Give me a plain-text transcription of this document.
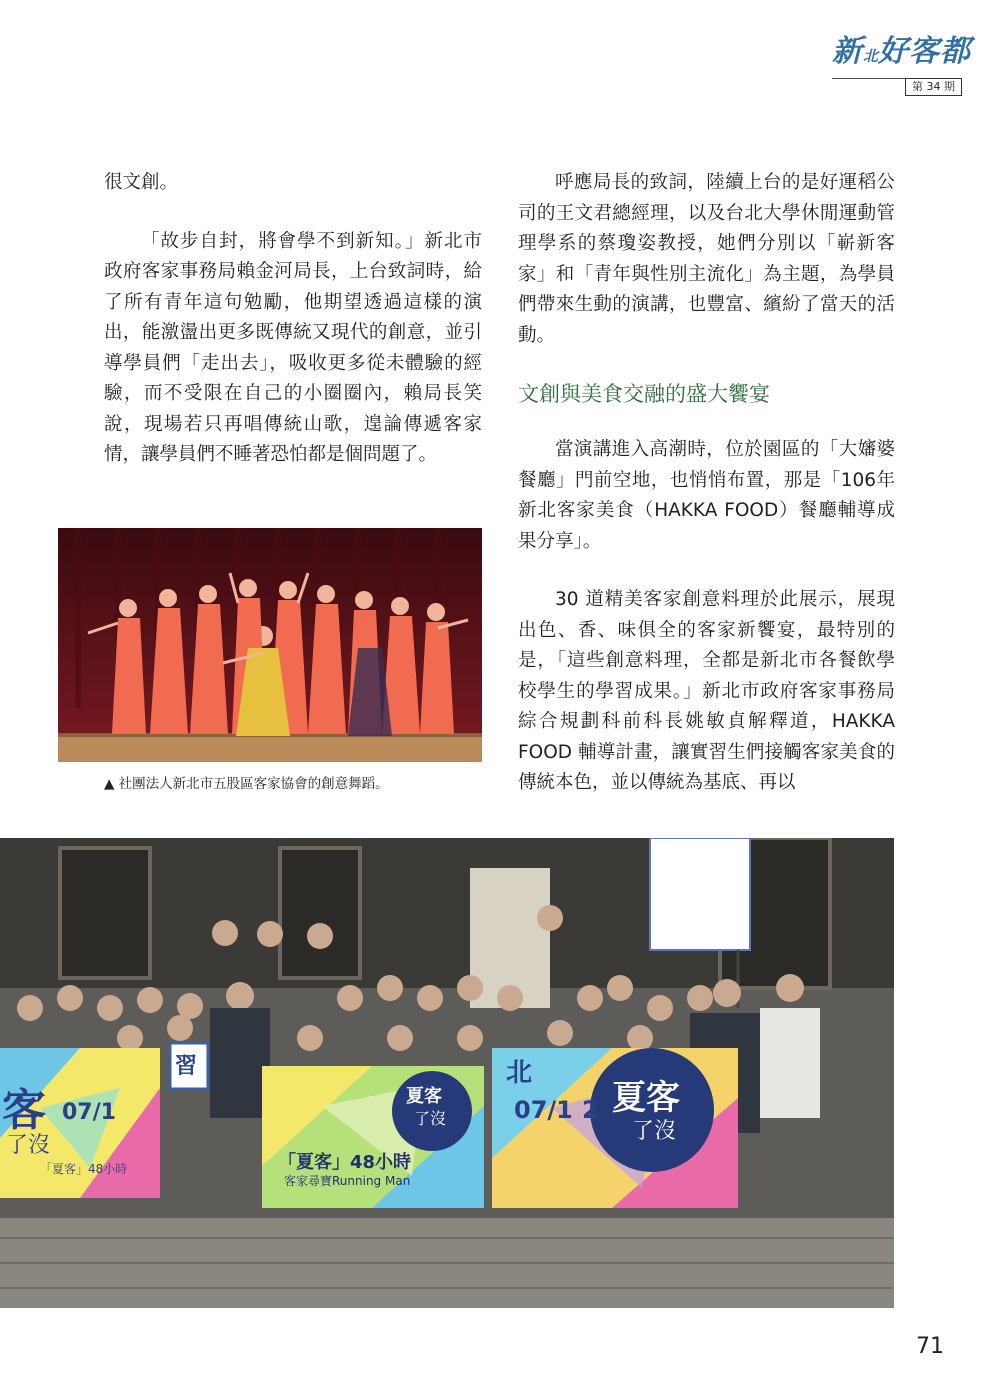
新北好客都
第 34 期

很文創。

「故步自封，將會學不到新知。」新北市政府客家事務局賴金河局長，上台致詞時，給了所有青年這句勉勵，他期望透過這樣的演出，能激盪出更多既傳統又現代的創意，並引導學員們「走出去」，吸收更多從未體驗的經驗，而不受限在自己的小圈圈內，賴局長笑說，現場若只再唱傳統山歌，遑論傳遞客家情，讓學員們不睡著恐怕都是個問題了。

呼應局長的致詞，陸續上台的是好運稻公司的王文君總經理，以及台北大學休閒運動管理學系的蔡瓊姿教授，她們分別以「嶄新客家」和「青年與性別主流化」為主題，為學員們帶來生動的演講，也豐富、繽紛了當天的活動。

文創與美食交融的盛大饗宴

當演講進入高潮時，位於園區的「大嬸婆餐廳」門前空地，也悄悄布置，那是「106年新北客家美食（HAKKA FOOD）餐廳輔導成果分享」。

30 道精美客家創意料理於此展示，展現出色、香、味俱全的客家新饗宴，最特別的是，「這些創意料理，全都是新北市各餐飲學校學生的學習成果。」新北市政府客家事務局綜合規劃科前科長姚敏貞解釋道，HAKKA FOOD 輔導計畫，讓實習生們接觸客家美食的傳統本色，並以傳統為基底、再以

▲ 社團法人新北市五股區客家協會的創意舞蹈。
習
客 07/1
了沒
「夏客」48小時	「夏客」48小時
客家尋寶Running Man
夏客
了沒
北
07/1 2 夏客
了沒
71
